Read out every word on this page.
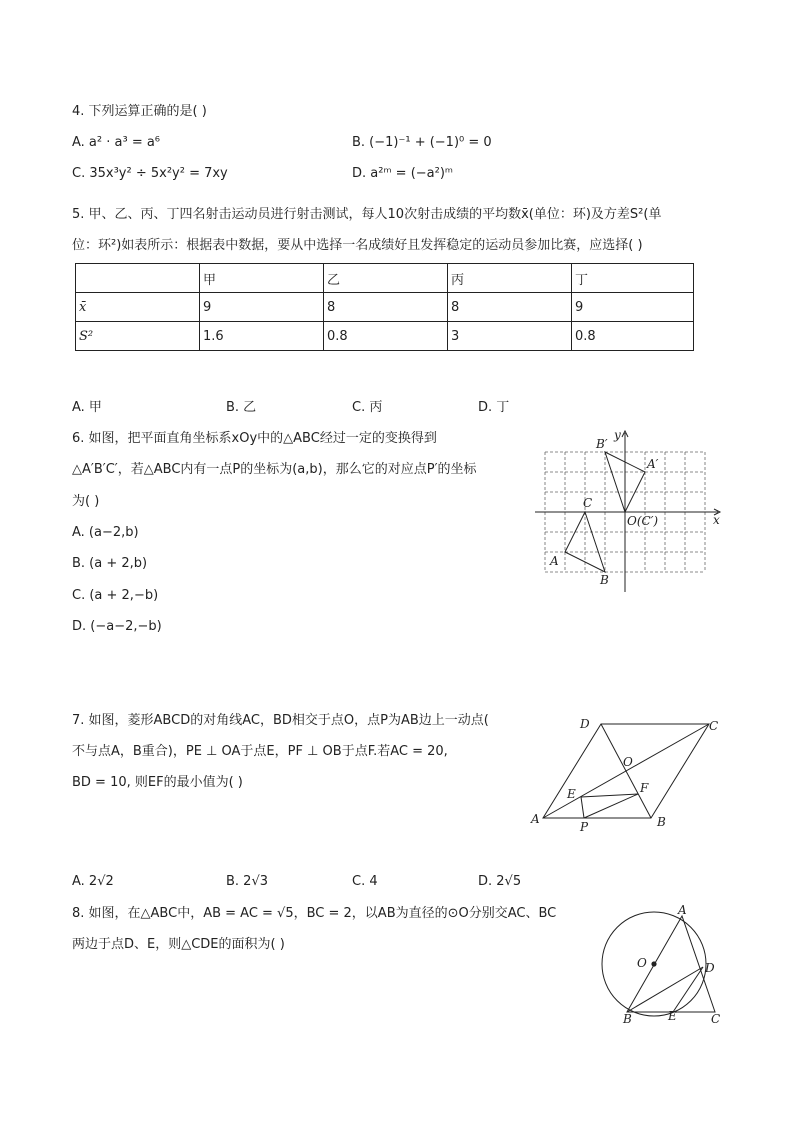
4. 下列运算正确的是( )
A. a² · a³ = a⁶	B. (−1)⁻¹ + (−1)⁰ = 0
C. 35x³y² ÷ 5x²y² = 7xy	D. a²ᵐ = (−a²)ᵐ
5. 甲、乙、丙、丁四名射击运动员进行射击测试，每人10次射击成绩的平均数x̄(单位：环)及方差S²(单
位：环²)如表所示：根据表中数据，要从中选择一名成绩好且发挥稳定的运动员参加比赛，应选择( )
	甲	乙	丙	丁
x̄	9	8	8	9
S²	1.6	0.8	3	0.8
A. 甲	B. 乙	C. 丙	D. 丁
6. 如图，把平面直角坐标系xOy中的△ABC经过一定的变换得到
△A′B′C′，若△ABC内有一点P的坐标为(a,b)，那么它的对应点P′的坐标
为( )
A. (a−2,b)
B. (a + 2,b)
C. (a + 2,−b)
D. (−a−2,−b)
B′
A′
C
O(C′)
A
B
x
y
7. 如图，菱形ABCD的对角线AC，BD相交于点O，点P为AB边上一动点(
不与点A，B重合)，PE ⊥ OA于点E，PF ⊥ OB于点F.若AC = 20,
BD = 10, 则EF的最小值为( )
D	C
O
E	F
A
P	B
A. 2√2	B. 2√3	C. 4	D. 2√5
8. 如图，在△ABC中，AB = AC = √5，BC = 2，以AB为直径的⊙O分别交AC、BC
两边于点D、E，则△CDE的面积为( )
A
O	D
B	E	C
